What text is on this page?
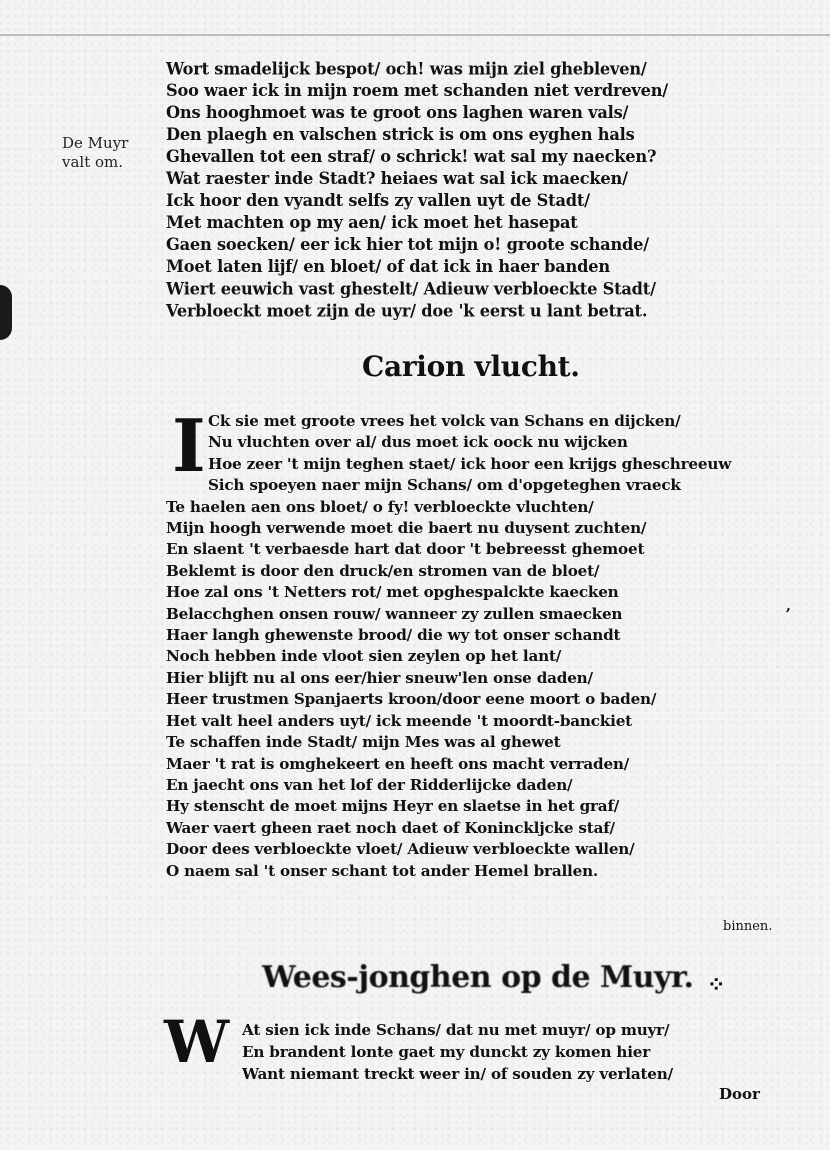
De Muyr
valt om.
Wort smadelijck bespot/ och! was mijn ziel ghebleven/
Soo waer ick in mijn roem met schanden niet verdreven/
Ons hooghmoet was te groot ons laghen waren vals/
Den plaegh en valschen strick is om ons eyghen hals
Ghevallen tot een straf/ o schrick! wat sal my naecken?
Wat raester inde Stadt? heiaes wat sal ick maecken/
Ick hoor den vyandt selfs zy vallen uyt de Stadt/
Met machten op my aen/ ick moet het hasepat
Gaen soecken/ eer ick hier tot mijn o! groote schande/
Moet laten lijf/ en bloet/ of dat ick in haer banden
Wiert eeuwich vast ghestelt/ Adieuw verbloeckte Stadt/
Verbloeckt moet zijn de uyr/ doe 'k eerst u lant betrat.
Carion vlucht.
I Ck sie met groote vrees het volck van Schans en dijcken/
Nu vluchten over al/ dus moet ick oock nu wijcken
Hoe zeer 't mijn teghen staet/ ick hoor een krijgs gheschreeuw
Sich spoeyen naer mijn Schans/ om d'opgeteghen vraeck
Te haelen aen ons bloet/ o fy! verbloeckte vluchten/
Mijn hoogh verwende moet die baert nu duysent zuchten/
En slaent 't verbaesde hart dat door 't bebreesst ghemoet
Beklemt is door den druck/en stromen van de bloet/
Hoe zal ons 't Netters rot/ met opghespalckte kaecken
Belacchghen onsen rouw/ wanneer zy zullen smaecken
Haer langh ghewenste brood/ die wy tot onser schandt
Noch hebben inde vloot sien zeylen op het lant/
Hier blijft nu al ons eer/hier sneuw'len onse daden/
Heer trustmen Spanjaerts kroon/door eene moort o baden/
Het valt heel anders uyt/ ick meende 't moordt-banckiet
Te schaffen inde Stadt/ mijn Mes was al ghewet
Maer 't rat is omghekeert en heeft ons macht verraden/
En jaecht ons van het lof der Ridderlijcke daden/
Hy stenscht de moet mijns Heyr en slaetse in het graf/
Waer vaert gheen raet noch daet of Koninckljcke staf/
Door dees verbloeckte vloet/ Adieuw verbloeckte wallen/
O naem sal 't onser schant tot ander Hemel brallen.
,
binnen.
Wees-jonghen op de Muyr. ⁘
W At sien ick inde Schans/ dat nu met muyr/ op muyr/
En brandent lonte gaet my dunckt zy komen hier
Want niemant treckt weer in/ of souden zy verlaten/
Door
